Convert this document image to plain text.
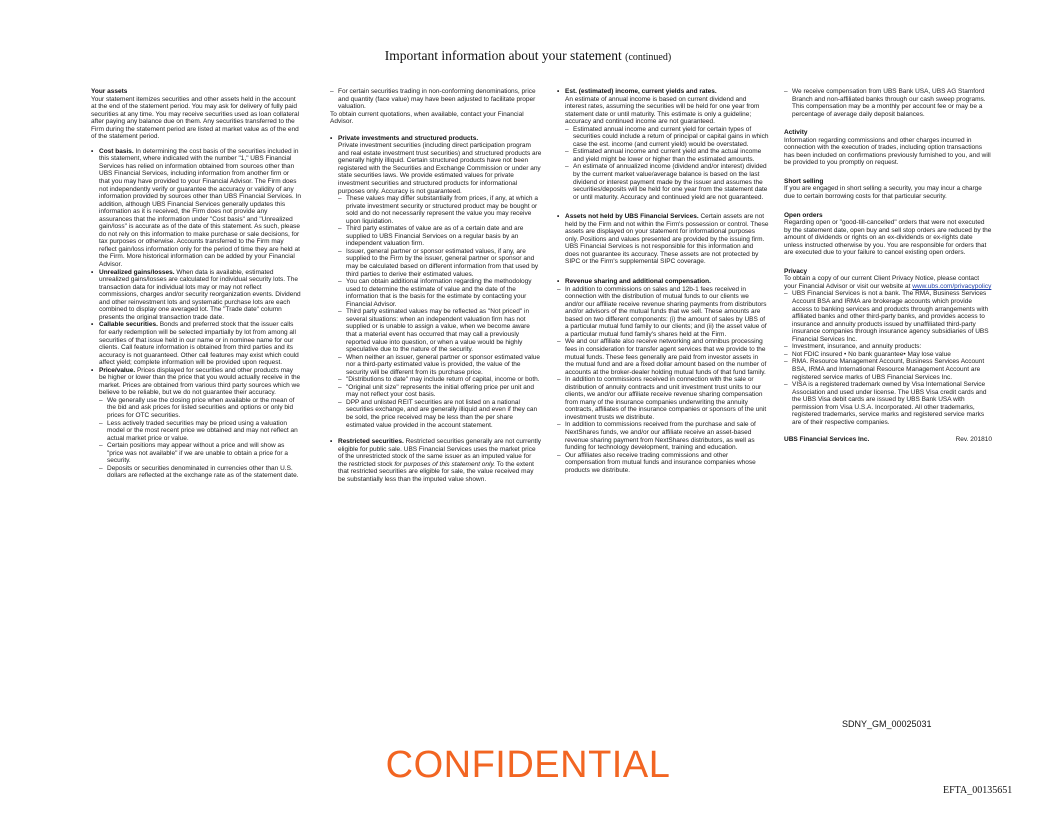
Important information about your statement (continued)
Your assets

Your statement itemizes securities and other assets held in the account at the end of the statement period. You may ask for delivery of fully paid securities at any time. You may receive securities used as loan collateral after paying any balance due on them. Any securities transferred to the Firm during the statement period are listed at market value as of the end of the statement period.

• Cost basis. In determining the cost basis of the securities included in this statement, where indicated with the number "1," UBS Financial Services has relied on information obtained from sources other than UBS Financial Services, including information from another firm or that you may have provided to your Financial Advisor. The Firm does not independently verify or guarantee the accuracy or validity of any information provided by sources other than UBS Financial Services. In addition, although UBS Financial Services generally updates this information as it is received, the Firm does not provide any assurances that the information under "Cost basis" and "Unrealized gain/loss" is accurate as of the date of this statement. As such, please do not rely on this information to make purchase or sale decisions, for tax purposes or otherwise. Accounts transferred to the Firm may reflect gain/loss information only for the period of time they are held at the Firm. More historical information can be added by your Financial Advisor.
• Unrealized gains/losses. When data is available, estimated unrealized gains/losses are calculated for individual security lots. The transaction data for individual lots may or may not reflect commissions, charges and/or security reorganization events. Dividend and other reinvestment lots and systematic purchase lots are each combined to display one averaged lot. The "Trade date" column presents the original transaction trade date.
• Callable securities. Bonds and preferred stock that the issuer calls for early redemption will be selected impartially by lot from among all securities of that issue held in our name or in nominee name for our clients. Call feature information is obtained from third parties and its accuracy is not guaranteed. Other call features may exist which could affect yield; complete information will be provided upon request.
• Price/value. Prices displayed for securities and other products may be higher or lower than the price that you would actually receive in the market. Prices are obtained from various third party sources which we believe to be reliable, but we do not guarantee their accuracy.
– We generally use the closing price when available or the mean of the bid and ask prices for listed securities and options or only bid prices for OTC securities.
– Less actively traded securities may be priced using a valuation model or the most recent price we obtained and may not reflect an actual market price or value.
– Certain positions may appear without a price and will show as "price was not available" if we are unable to obtain a price for a security.
– Deposits or securities denominated in currencies other than U.S. dollars are reflected at the exchange rate as of the statement date.
– For certain securities trading in non-conforming denominations, price and quantity (face value) may have been adjusted to facilitate proper valuation.

To obtain current quotations, when available, contact your Financial Advisor.

• Private investments and structured products.
Private investment securities (including direct participation program and real estate investment trust securities) and structured products are generally highly illiquid. Certain structured products have not been registered with the Securities and Exchange Commission or under any state securities laws. We provide estimated values for private investment securities and structured products for informational purposes only. Accuracy is not guaranteed.
– These values may differ substantially from prices, if any, at which a private investment security or structured product may be bought or sold and do not necessarily represent the value you may receive upon liquidation.
– Third party estimates of value are as of a certain date and are supplied to UBS Financial Services on a regular basis by an independent valuation firm.
– Issuer, general partner or sponsor estimated values, if any, are supplied to the Firm by the issuer, general partner or sponsor and may be calculated based on different information from that used by third parties to derive their estimated values.
– You can obtain additional information regarding the methodology used to determine the estimate of value and the date of the information that is the basis for the estimate by contacting your Financial Advisor.
– Third party estimated values may be reflected as "Not priced" in several situations: when an independent valuation firm has not supplied or is unable to assign a value, when we become aware that a material event has occurred that may call a previously reported value into question, or when a value would be highly speculative due to the nature of the security.
– When neither an issuer, general partner or sponsor estimated value nor a third-party estimated value is provided, the value of the security will be different from its purchase price.
– "Distributions to date" may include return of capital, income or both.
– "Original unit size" represents the initial offering price per unit and may not reflect your cost basis.
– DPP and unlisted REIT securities are not listed on a national securities exchange, and are generally illiquid and even if they can be sold, the price received may be less than the per share estimated value provided in the account statement.
• Restricted securities. Restricted securities generally are not currently eligible for public sale. UBS Financial Services uses the market price of the unrestricted stock of the same issuer as an imputed value for the restricted stock for purposes of this statement only. To the extent that restricted securities are eligible for sale, the value received may be substantially less than the imputed value shown.
• Est. (estimated) income, current yields and rates.
An estimate of annual income is based on current dividend and interest rates, assuming the securities will be held for one year from statement date or until maturity. This estimate is only a guideline; accuracy and continued income are not guaranteed.
– Estimated annual income and current yield for certain types of securities could include a return of principal or capital gains in which case the est. income (and current yield) would be overstated.
– Estimated annual income and current yield and the actual income and yield might be lower or higher than the estimated amounts.
– An estimate of annualized income (dividend and/or interest) divided by the current market value/average balance is based on the last dividend or interest payment made by the issuer and assumes the securities/deposits will be held for one year from the statement date or until maturity. Accuracy and continued yield are not guaranteed.
• Assets not held by UBS Financial Services. Certain assets are not held by the Firm and not within the Firm's possession or control. These assets are displayed on your statement for informational purposes only. Positions and values presented are provided by the issuing firm. UBS Financial Services is not responsible for this information and does not guarantee its accuracy. These assets are not protected by SIPC or the Firm's supplemental SIPC coverage.
• Revenue sharing and additional compensation.
– In addition to commissions on sales and 12b-1 fees received in connection with the distribution of mutual funds to our clients we and/or our affiliate receive revenue sharing payments from distributors and/or advisors of the mutual funds that we sell. These amounts are based on two different components: (i) the amount of sales by UBS of a particular mutual fund family to our clients; and (ii) the asset value of a particular mutual fund family's shares held at the Firm.
– We and our affiliate also receive networking and omnibus processing fees in consideration for transfer agent services that we provide to the mutual funds. These fees generally are paid from investor assets in the mutual fund and are a fixed dollar amount based on the number of accounts at the broker-dealer holding mutual funds of that fund family.
– In addition to commissions received in connection with the sale or distribution of annuity contracts and unit investment trust units to our clients, we and/or our affiliate receive revenue sharing compensation from many of the insurance companies underwriting the annuity contracts, affiliates of the insurance companies or sponsors of the unit investment trusts we distribute.
– In addition to commissions received from the purchase and sale of NextShares funds, we and/or our affiliate receive an asset-based revenue sharing payment from NextShares distributors, as well as funding for technology development, training and education.
– Our affiliates also receive trading commissions and other compensation from mutual funds and insurance companies whose products we distribute.
– We receive compensation from UBS Bank USA, UBS AG Stamford Branch and non-affiliated banks through our cash sweep programs. This compensation may be a monthly per account fee or may be a percentage of average daily deposit balances.
Activity

Information regarding commissions and other charges incurred in connection with the execution of trades, including option transactions has been included on confirmations previously furnished to you, and will be provided to you promptly on request.

Short selling

If you are engaged in short selling a security, you may incur a charge due to certain borrowing costs for that particular security.

Open orders

Regarding open or "good-till-cancelled" orders that were not executed by the statement date, open buy and sell stop orders are reduced by the amount of dividends or rights on an ex-dividends or ex-rights date unless instructed otherwise by you. You are responsible for orders that are executed due to your failure to cancel existing open orders.

Privacy

To obtain a copy of our current Client Privacy Notice, please contact your Financial Advisor or visit our website at www.ubs.com/privacypolicy

– UBS Financial Services is not a bank. The RMA, Business Services Account BSA and IRMA are brokerage accounts which provide access to banking services and products through arrangements with affiliated banks and other third-party banks, and provides access to insurance and annuity products issued by unaffiliated third-party insurance companies through insurance agency subsidiaries of UBS Financial Services Inc.
– Investment, insurance, and annuity products:
– Not FDIC insured • No bank guarantee• May lose value
– RMA. Resource Management Account, Business Services Account BSA, IRMA and International Resource Management Account are registered service marks of UBS Financial Services Inc.
– VISA is a registered trademark owned by Visa International Service Association and used under license. The UBS Visa credit cards and the UBS Visa debit cards are issued by UBS Bank USA with permission from Visa U.S.A. Incorporated. All other trademarks, registered trademarks, service marks and registered service marks are of their respective companies.
UBS Financial Services Inc.	Rev. 201810
SDNY_GM_00025031
CONFIDENTIAL
EFTA_00135651
